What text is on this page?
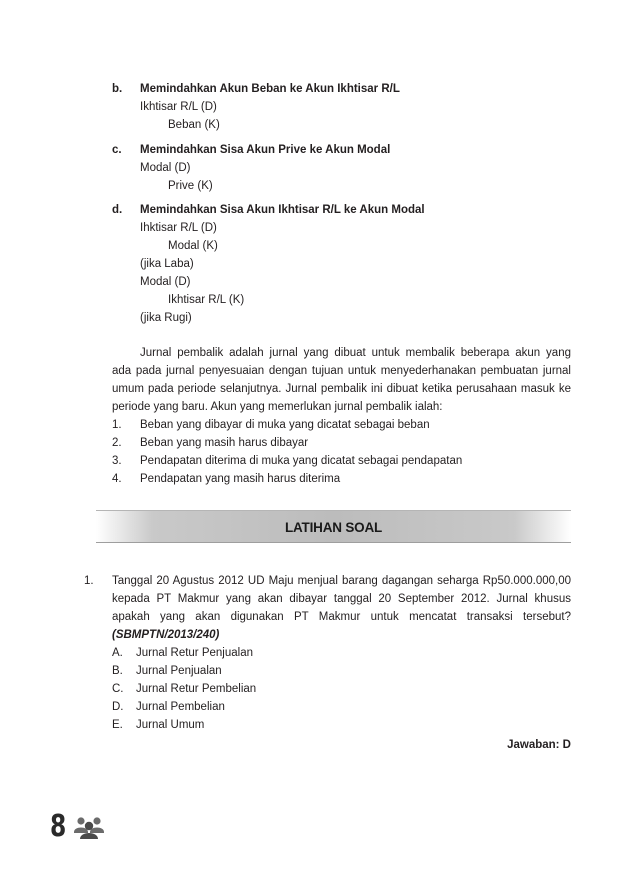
b. Memindahkan Akun Beban ke Akun Ikhtisar R/L
Ikhtisar R/L (D)
Beban (K)
c. Memindahkan Sisa Akun Prive ke Akun Modal
Modal (D)
Prive (K)
d. Memindahkan Sisa Akun Ikhtisar R/L ke Akun Modal
Ihktisar R/L (D)
Modal (K)
(jika Laba)
Modal (D)
Ikhtisar R/L (K)
(jika Rugi)
Jurnal pembalik adalah jurnal yang dibuat untuk membalik beberapa akun yang
ada pada jurnal penyesuaian dengan tujuan untuk menyederhanakan pembuatan jurnal
umum pada periode selanjutnya. Jurnal pembalik ini dibuat ketika perusahaan masuk ke
periode yang baru. Akun yang memerlukan jurnal pembalik ialah:
1. Beban yang dibayar di muka yang dicatat sebagai beban
2. Beban yang masih harus dibayar
3. Pendapatan diterima di muka yang dicatat sebagai pendapatan
4. Pendapatan yang masih harus diterima
LATIHAN SOAL
1. Tanggal 20 Agustus 2012 UD Maju menjual barang dagangan seharga Rp50.000.000,00
kepada PT Makmur yang akan dibayar tanggal 20 September 2012. Jurnal khusus
apakah yang akan digunakan PT Makmur untuk mencatat transaksi tersebut?
(SBMPTN/2013/240)
A. Jurnal Retur Penjualan
B. Jurnal Penjualan
C. Jurnal Retur Pembelian
D. Jurnal Pembelian
E. Jurnal Umum
Jawaban: D
8
